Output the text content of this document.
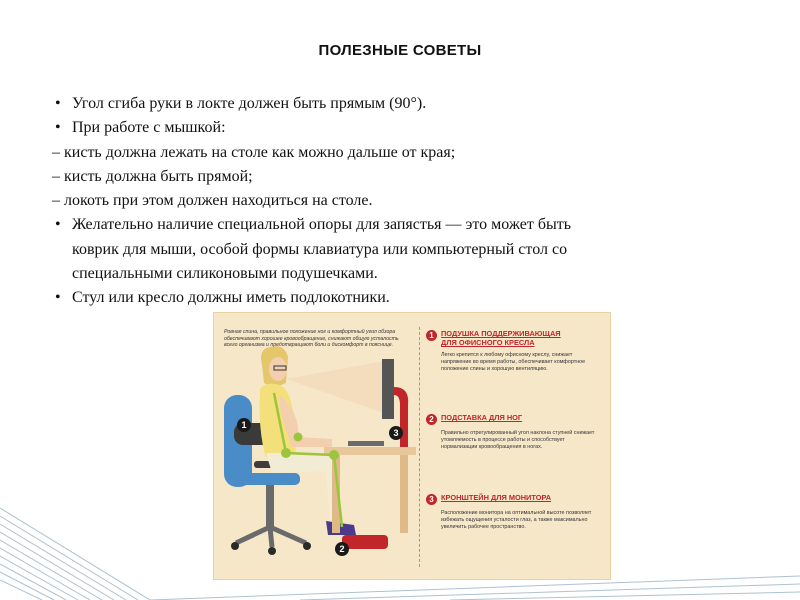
ПОЛЕЗНЫЕ СОВЕТЫ
• Угол сгиба руки в локте должен быть прямым (90°).
• При работе с мышкой:
– кисть должна лежать на столе как можно дальше от края;
– кисть должна быть прямой;
– локоть при этом должен находиться на столе.
• Желательно наличие специальной опоры для запястья — это может быть
коврик для мыши, особой формы клавиатура или компьютерный стол со
специальными силиконовыми подушечками.
• Стул или кресло должны иметь подлокотники.
1
2
3
Ровная спина, правильное положение ног и комфортный угол обзора обеспечивают хорошее кровообращение, снижают общую усталость всего организма и предотвращают боли и дискомфорт в пояснице.
1 ПОДУШКА ПОДДЕРЖИВАЮЩАЯ
ДЛЯ ОФИСНОГО КРЕСЛА
Легко крепится к любому офисному креслу, снижает напряжение во время работы, обеспечивает комфортное положение спины и хорошую вентиляцию.
2 ПОДСТАВКА ДЛЯ НОГ
Правильно отрегулированный угол наклона ступней снижает утомляемость в процессе работы и способствует нормализации кровообращения в ногах.
3 КРОНШТЕЙН ДЛЯ МОНИТОРА
Расположение монитора на оптимальной высоте позволяет избежать ощущения усталости глаз, а также максимально увеличить рабочее пространство.
